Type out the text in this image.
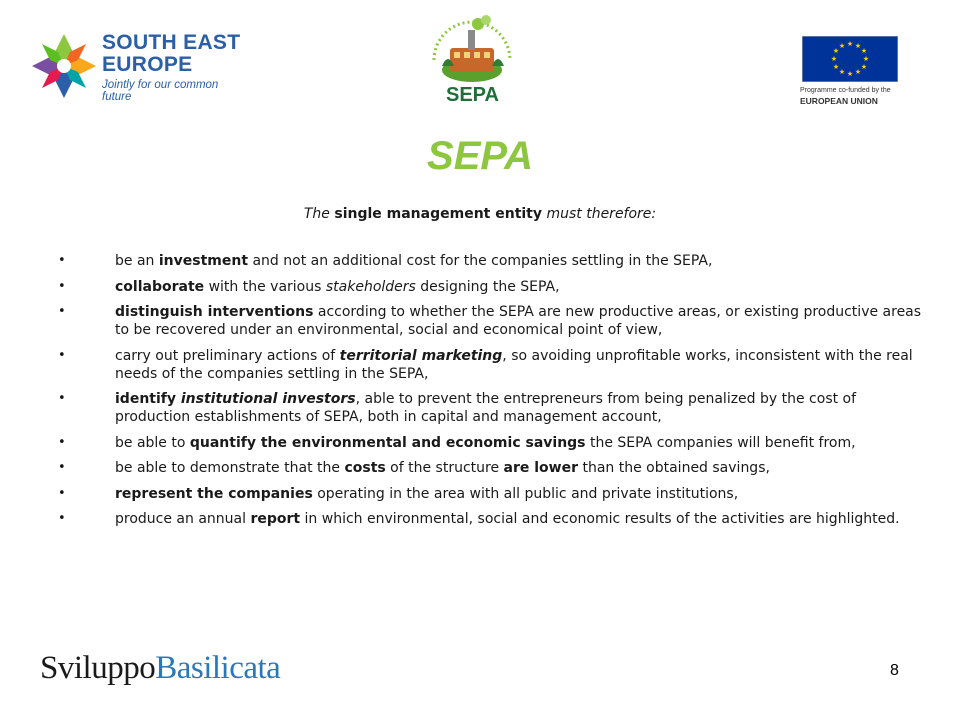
SOUTH EAST
EUROPE
Jointly for our common future	SEPA
★ ★
★
★
★
★
★
★
★
★
★
★
Programme co-funded by the
EUROPEAN UNION
SEPA

The single management entity must therefore:

• be an investment and not an additional cost for the companies settling in the SEPA,
• collaborate with the various stakeholders designing the SEPA,
• distinguish interventions according to whether the SEPA are new productive areas, or existing productive areas to be recovered under an environmental, social and economical point of view,
• carry out preliminary actions of territorial marketing, so avoiding unprofitable works, inconsistent with the real needs of the companies settling in the SEPA,
• identify institutional investors, able to prevent the entrepreneurs from being penalized by the cost of production establishments of SEPA, both in capital and management account,
• be able to quantify the environmental and economic savings the SEPA companies will benefit from,
• be able to demonstrate that the costs of the structure are lower than the obtained savings,
• represent the companies operating in the area with all public and private institutions,
• produce an annual report in which environmental, social and economic results of the activities are highlighted.
SviluppoBasilicata	8
